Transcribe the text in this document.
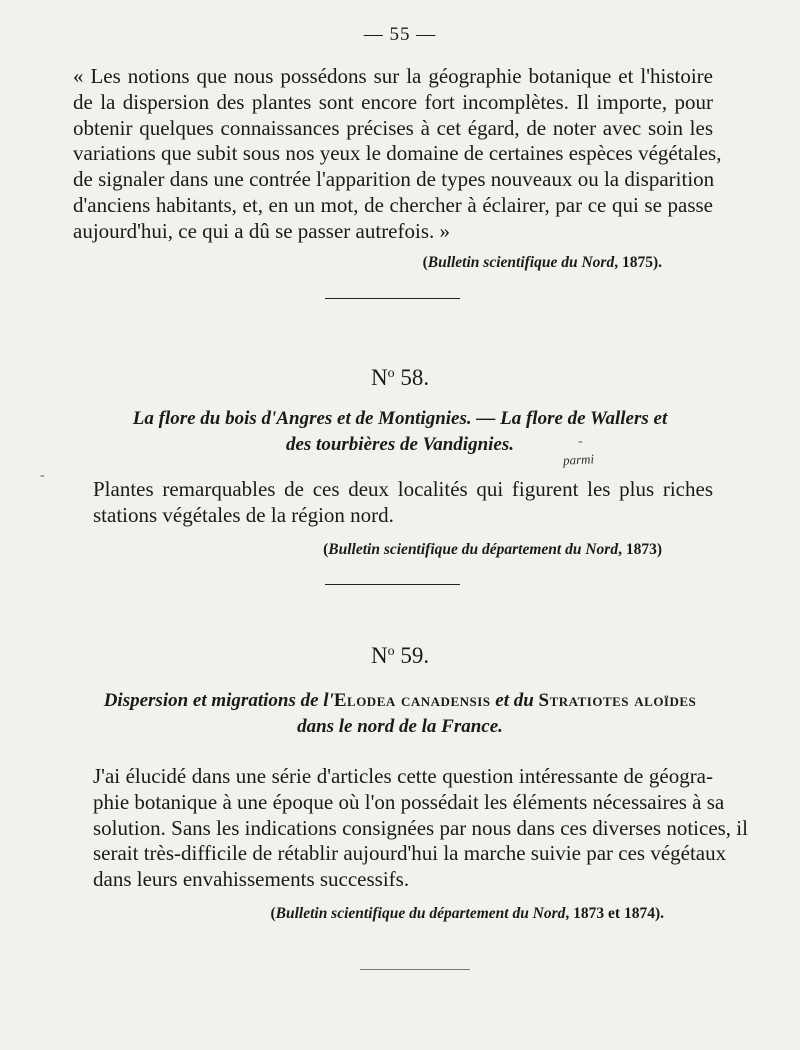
— 55 —

« Les notions que nous possédons sur la géographie botanique et l'histoire
de la dispersion des plantes sont encore fort incomplètes. Il importe, pour
obtenir quelques connaissances précises à cet égard, de noter avec soin les
variations que subit sous nos yeux le domaine de certaines espèces végétales,
de signaler dans une contrée l'apparition de types nouveaux ou la disparition
d'anciens habitants, et, en un mot, de chercher à éclairer, par ce qui se passe
aujourd'hui, ce qui a dû se passer autrefois. »

(Bulletin scientifique du Nord, 1875).
$N^o$ 58.
La flore du bois d'Angres et de Montignies. — La flore de Wallers et
des tourbières de Vandignies.
parmi

Plantes remarquables de ces deux localités qui figurent les plus riches
stations végétales de la région nord.

(Bulletin scientifique du département du Nord, 1873)
$N^o$ 59.
Dispersion et migrations de l'Elodea canadensis et du Stratiotes aloïdes
dans le nord de la France.

J'ai élucidé dans une série d'articles cette question intéressante de géogra-
phie botanique à une époque où l'on possédait les éléments nécessaires à sa
solution. Sans les indications consignées par nous dans ces diverses notices, il
serait très-difficile de rétablir aujourd'hui la marche suivie par ces végétaux
dans leurs envahissements successifs.

(Bulletin scientifique du département du Nord, 1873 et 1874).
-
-
